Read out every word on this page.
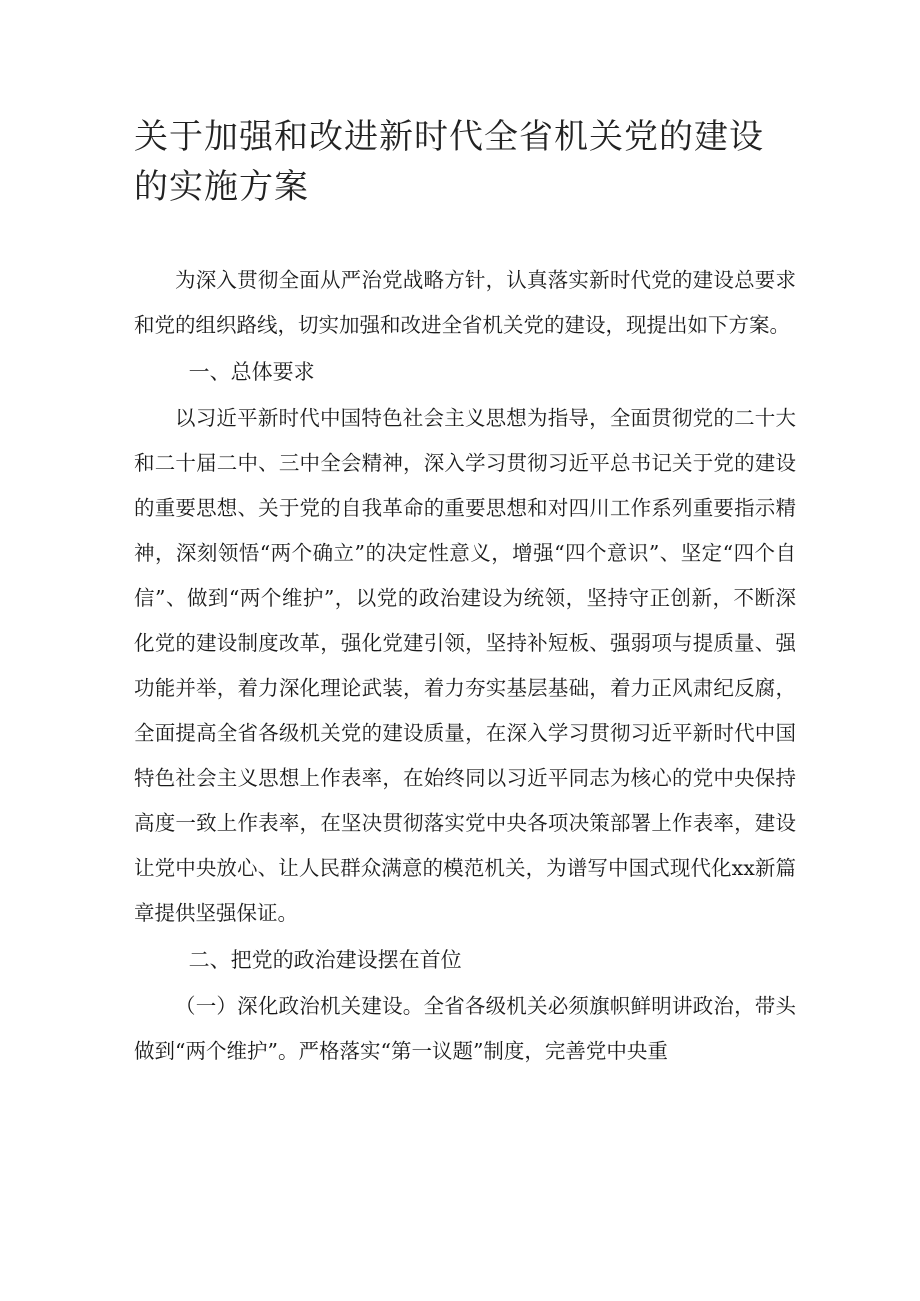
关于加强和改进新时代全省机关党的建设的实施方案

为深入贯彻全面从严治党战略方针，认真落实新时代党的建设总要求和党的组织路线，切实加强和改进全省机关党的建设，现提出如下方案。

一、总体要求

以习近平新时代中国特色社会主义思想为指导，全面贯彻党的二十大和二十届二中、三中全会精神，深入学习贯彻习近平总书记关于党的建设的重要思想、关于党的自我革命的重要思想和对四川工作系列重要指示精神，深刻领悟“两个确立”的决定性意义，增强“四个意识”、坚定“四个自信”、做到“两个维护”，以党的政治建设为统领，坚持守正创新，不断深化党的建设制度改革，强化党建引领，坚持补短板、强弱项与提质量、强功能并举，着力深化理论武装，着力夯实基层基础，着力正风肃纪反腐，全面提高全省各级机关党的建设质量，在深入学习贯彻习近平新时代中国特色社会主义思想上作表率，在始终同以习近平同志为核心的党中央保持高度一致上作表率，在坚决贯彻落实党中央各项决策部署上作表率，建设让党中央放心、让人民群众满意的模范机关，为谱写中国式现代化xx新篇章提供坚强保证。

二、把党的政治建设摆在首位

（一）深化政治机关建设。全省各级机关必须旗帜鲜明讲政治，带头做到“两个维护”。严格落实“第一议题”制度，完善党中央重
